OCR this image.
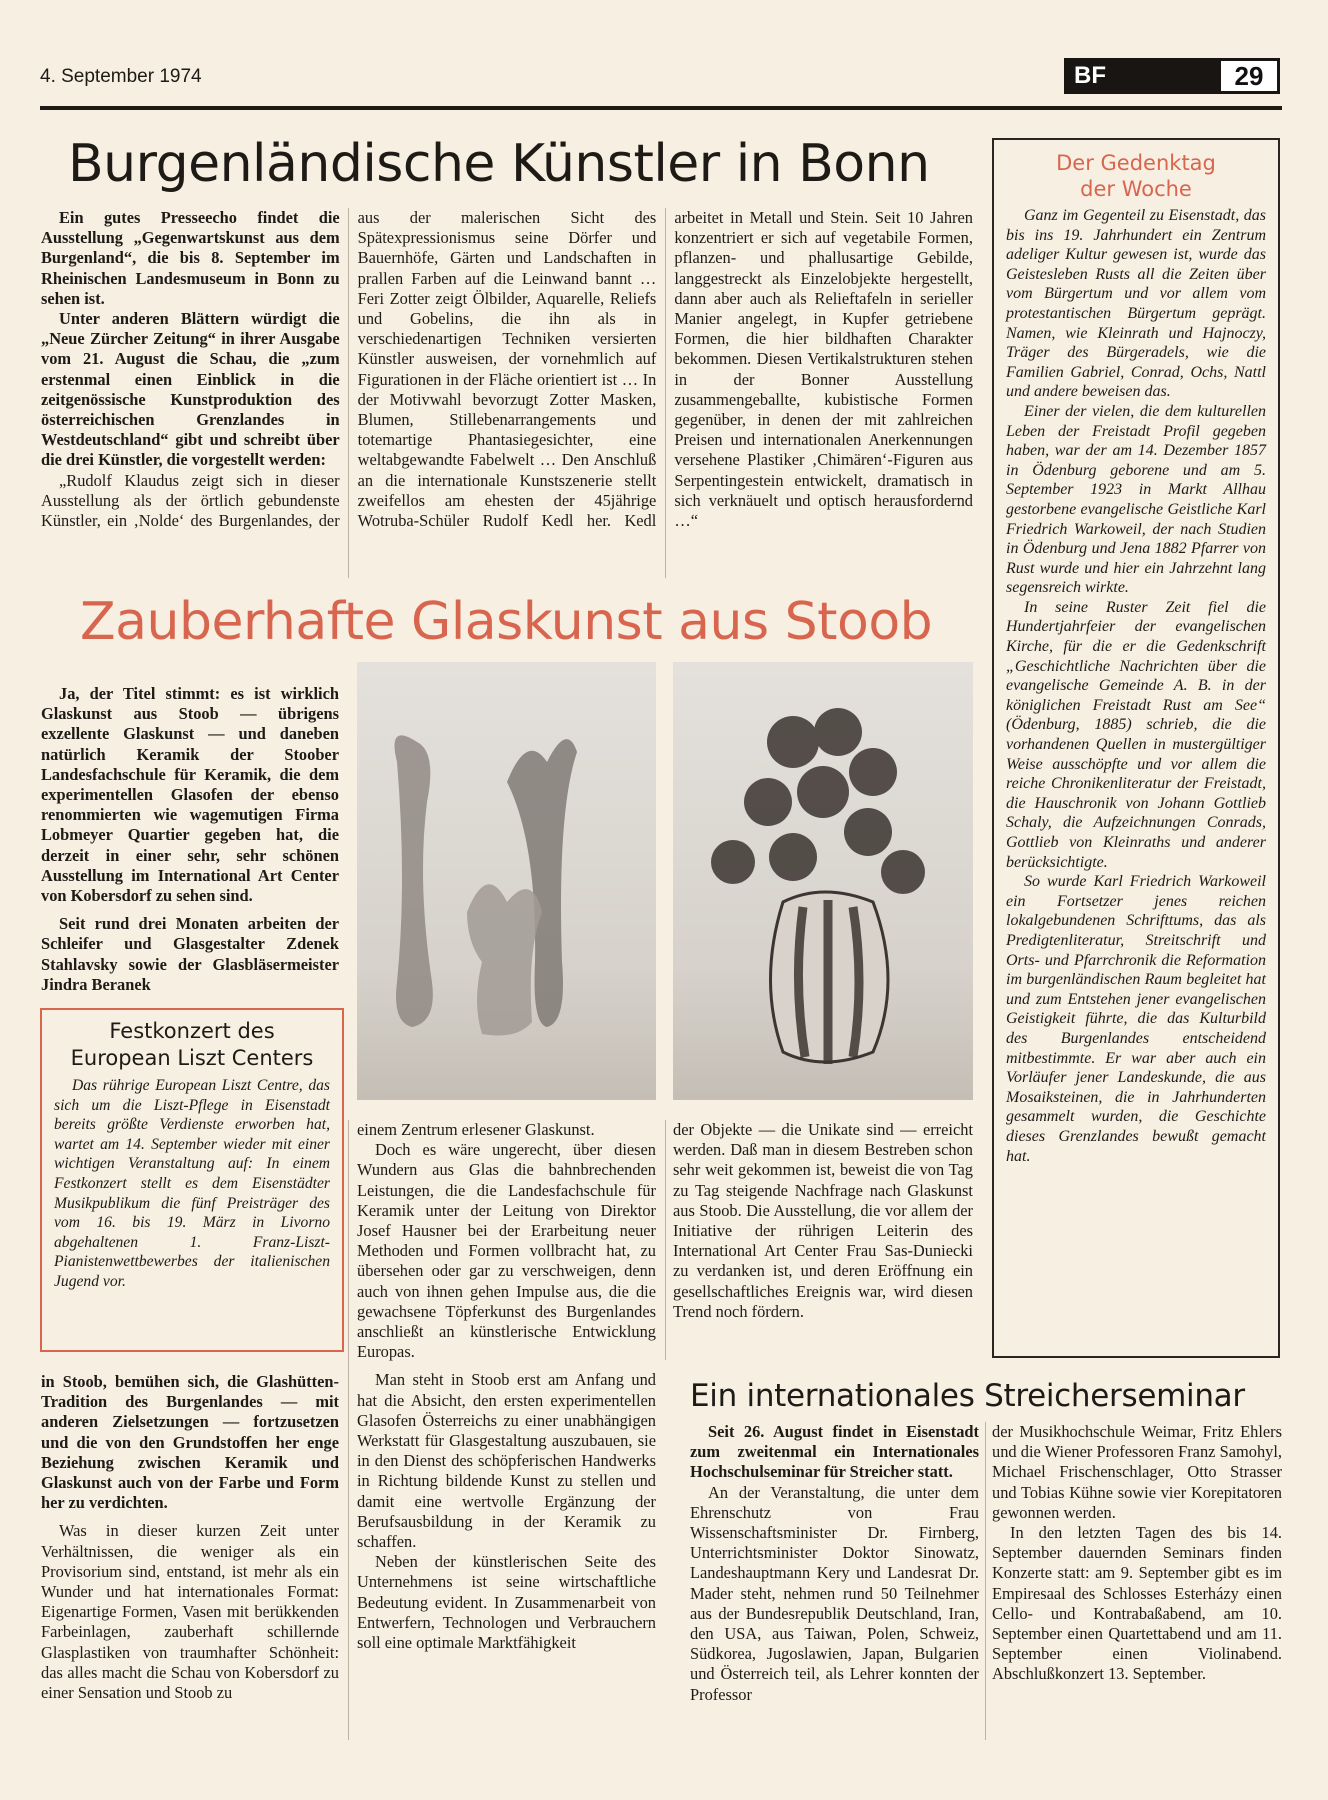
4. September 1974	BF	29
Burgenländische Künstler in Bonn

Ein gutes Presseecho findet die Ausstellung „Gegenwartskunst aus dem Burgenland“, die bis 8. September im Rheinischen Landesmuseum in Bonn zu sehen ist.

Unter anderen Blättern würdigt die „Neue Zürcher Zeitung“ in ihrer Ausgabe vom 21. August die Schau, die „zum erstenmal einen Einblick in die zeitgenössische Kunstproduktion des österreichischen Grenzlandes in Westdeutschland“ gibt und schreibt über die drei Künstler, die vorgestellt werden:

„Rudolf Klaudus zeigt sich in dieser Ausstellung als der örtlich gebundenste Künstler, ein ‚Nolde‘ des Burgenlandes, der aus der malerischen Sicht des Spätexpressionismus seine Dörfer und Bauernhöfe, Gärten und Landschaften in prallen Farben auf die Leinwand bannt … Feri Zotter zeigt Ölbilder, Aquarelle, Reliefs und Gobelins, die ihn als in verschiedenartigen Techniken versierten Künstler ausweisen, der vornehmlich auf Figurationen in der Fläche orientiert ist … In der Motivwahl bevorzugt Zotter Masken, Blumen, Stillebenarrangements und totemartige Phantasiegesichter, eine weltabgewandte Fabelwelt … Den Anschluß an die internationale Kunstszenerie stellt zweifellos am ehesten der 45jährige Wotruba-Schüler Rudolf Kedl her. Kedl arbeitet in Metall und Stein. Seit 10 Jahren konzentriert er sich auf vegetabile Formen, pflanzen- und phallusartige Gebilde, langgestreckt als Einzelobjekte hergestellt, dann aber auch als Relieftafeln in serieller Manier angelegt, in Kupfer getriebene Formen, die hier bildhaften Charakter bekommen. Diesen Vertikalstrukturen stehen in der Bonner Ausstellung zusammengeballte, kubistische Formen gegenüber, in denen der mit zahlreichen Preisen und internationalen Anerkennungen versehene Plastiker ‚Chimären‘-Figuren aus Serpentingestein entwickelt, dramatisch in sich verknäuelt und optisch herausfordernd …“

Der Gedenktag
der Woche

Ganz im Gegenteil zu Eisenstadt, das bis ins 19. Jahrhundert ein Zentrum adeliger Kultur gewesen ist, wurde das Geistesleben Rusts all die Zeiten über vom Bürgertum und vor allem vom protestantischen Bürgertum geprägt. Namen, wie Kleinrath und Hajnoczy, Träger des Bürgeradels, wie die Familien Gabriel, Conrad, Ochs, Nattl und andere beweisen das.

Einer der vielen, die dem kulturellen Leben der Freistadt Profil gegeben haben, war der am 14. Dezember 1857 in Ödenburg geborene und am 5. September 1923 in Markt Allhau gestorbene evangelische Geistliche Karl Friedrich Warkoweil, der nach Studien in Ödenburg und Jena 1882 Pfarrer von Rust wurde und hier ein Jahrzehnt lang segensreich wirkte.

In seine Ruster Zeit fiel die Hundertjahrfeier der evangelischen Kirche, für die er die Gedenkschrift „Geschichtliche Nachrichten über die evangelische Gemeinde A. B. in der königlichen Freistadt Rust am See“ (Ödenburg, 1885) schrieb, die die vorhandenen Quellen in mustergültiger Weise ausschöpfte und vor allem die reiche Chronikenliteratur der Freistadt, die Hauschronik von Johann Gottlieb Schaly, die Aufzeichnungen Conrads, Gottlieb von Kleinraths und anderer berücksichtigte.

So wurde Karl Friedrich Warkoweil ein Fortsetzer jenes reichen lokalgebundenen Schrifttums, das als Predigtenliteratur, Streitschrift und Orts- und Pfarrchronik die Reformation im burgenländischen Raum begleitet hat und zum Entstehen jener evangelischen Geistigkeit führte, die das Kulturbild des Burgenlandes entscheidend mitbestimmte. Er war aber auch ein Vorläufer jener Landeskunde, die aus Mosaiksteinen, die in Jahrhunderten gesammelt wurden, die Geschichte dieses Grenzlandes bewußt gemacht hat.

Zauberhafte Glaskunst aus Stoob

Ja, der Titel stimmt: es ist wirklich Glaskunst aus Stoob — übrigens exzellente Glaskunst — und daneben natürlich Keramik der Stoober Landesfachschule für Keramik, die dem experimentellen Glasofen der ebenso renommierten wie wagemutigen Firma Lobmeyer Quartier gegeben hat, die derzeit in einer sehr, sehr schönen Ausstellung im International Art Center von Kobersdorf zu sehen sind.

Seit rund drei Monaten arbeiten der Schleifer und Glasgestalter Zdenek Stahlavsky sowie der Glasbläsermeister Jindra Beranek

Festkonzert des
European Liszt Centers

Das rührige European Liszt Centre, das sich um die Liszt-Pflege in Eisenstadt bereits größte Verdienste erworben hat, wartet am 14. September wieder mit einer wichtigen Veranstaltung auf: In einem Festkonzert stellt es dem Eisenstädter Musikpublikum die fünf Preisträger des vom 16. bis 19. März in Livorno abgehaltenen 1. Franz-Liszt-Pianistenwettbewerbes der italienischen Jugend vor.

in Stoob, bemühen sich, die Glashütten-Tradition des Burgenlandes — mit anderen Zielsetzungen — fortzusetzen und die von den Grundstoffen her enge Beziehung zwischen Keramik und Glaskunst auch von der Farbe und Form her zu verdichten.

Was in dieser kurzen Zeit unter Verhältnissen, die weniger als ein Provisorium sind, entstand, ist mehr als ein Wunder und hat internationales Format: Eigenartige Formen, Vasen mit berükkenden Farbeinlagen, zauberhaft schillernde Glasplastiken von traumhafter Schönheit: das alles macht die Schau von Kobersdorf zu einer Sensation und Stoob zu

einem Zentrum erlesener Glaskunst.

Doch es wäre ungerecht, über diesen Wundern aus Glas die bahnbrechenden Leistungen, die die Landesfachschule für Keramik unter der Leitung von Direktor Josef Hausner bei der Erarbeitung neuer Methoden und Formen vollbracht hat, zu übersehen oder gar zu verschweigen, denn auch von ihnen gehen Impulse aus, die die gewachsene Töpferkunst des Burgenlandes anschließt an künstlerische Entwicklung Europas.

Man steht in Stoob erst am Anfang und hat die Absicht, den ersten experimentellen Glasofen Österreichs zu einer unabhängigen Werkstatt für Glasgestaltung auszubauen, sie in den Dienst des schöpferischen Handwerks in Richtung bildende Kunst zu stellen und damit eine wertvolle Ergänzung der Berufsausbildung in der Keramik zu schaffen.

Neben der künstlerischen Seite des Unternehmens ist seine wirtschaftliche Bedeutung evident. In Zusammenarbeit von Entwerfern, Technologen und Verbrauchern soll eine optimale Marktfähigkeit

der Objekte — die Unikate sind — erreicht werden. Daß man in diesem Bestreben schon sehr weit gekommen ist, beweist die von Tag zu Tag steigende Nachfrage nach Glaskunst aus Stoob. Die Ausstellung, die vor allem der Initiative der rührigen Leiterin des International Art Center Frau Sas-Duniecki zu verdanken ist, und deren Eröffnung ein gesellschaftliches Ereignis war, wird diesen Trend noch fördern.

Ein internationales Streicherseminar

Seit 26. August findet in Eisenstadt zum zweitenmal ein Internationales Hochschulseminar für Streicher statt.

An der Veranstaltung, die unter dem Ehrenschutz von Frau Wissenschaftsminister Dr. Firnberg, Unterrichtsminister Doktor Sinowatz, Landeshauptmann Kery und Landesrat Dr. Mader steht, nehmen rund 50 Teilnehmer aus der Bundesrepublik Deutschland, Iran, den USA, aus Taiwan, Polen, Schweiz, Südkorea, Jugoslawien, Japan, Bulgarien und Österreich teil, als Lehrer konnten der Professor

der Musikhochschule Weimar, Fritz Ehlers und die Wiener Professoren Franz Samohyl, Michael Frischenschlager, Otto Strasser und Tobias Kühne sowie vier Korepitatoren gewonnen werden.

In den letzten Tagen des bis 14. September dauernden Seminars finden Konzerte statt: am 9. September gibt es im Empiresaal des Schlosses Esterházy einen Cello- und Kontrabaßabend, am 10. September einen Quartettabend und am 11. September einen Violinabend. Abschlußkonzert 13. September.
